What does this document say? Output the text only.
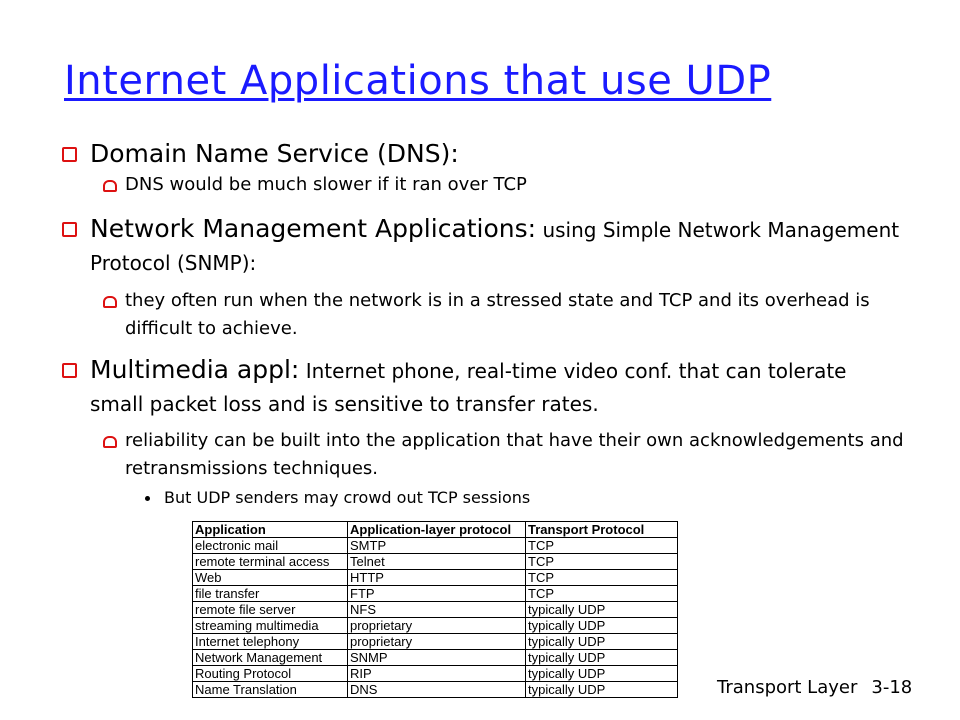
Internet Applications that use UDP
Domain Name Service (DNS):
DNS would be much slower if it ran over TCP
Network Management Applications: using Simple Network Management Protocol (SNMP):
they often run when the network is in a stressed state and TCP and its overhead is difficult to achieve.
Multimedia appl: Internet phone, real-time video conf. that can tolerate small packet loss and is sensitive to transfer rates.
reliability can be built into the application that have their own acknowledgements and retransmissions techniques.
But UDP senders may crowd out TCP sessions
Application	Application-layer protocol	Transport Protocol
electronic mail	SMTP	TCP
remote terminal access	Telnet	TCP
Web	HTTP	TCP
file transfer	FTP	TCP
remote file server	NFS	typically UDP
streaming multimedia	proprietary	typically UDP
Internet telephony	proprietary	typically UDP
Network Management	SNMP	typically UDP
Routing Protocol	RIP	typically UDP
Name Translation	DNS	typically UDP	Transport Layer 3-18
